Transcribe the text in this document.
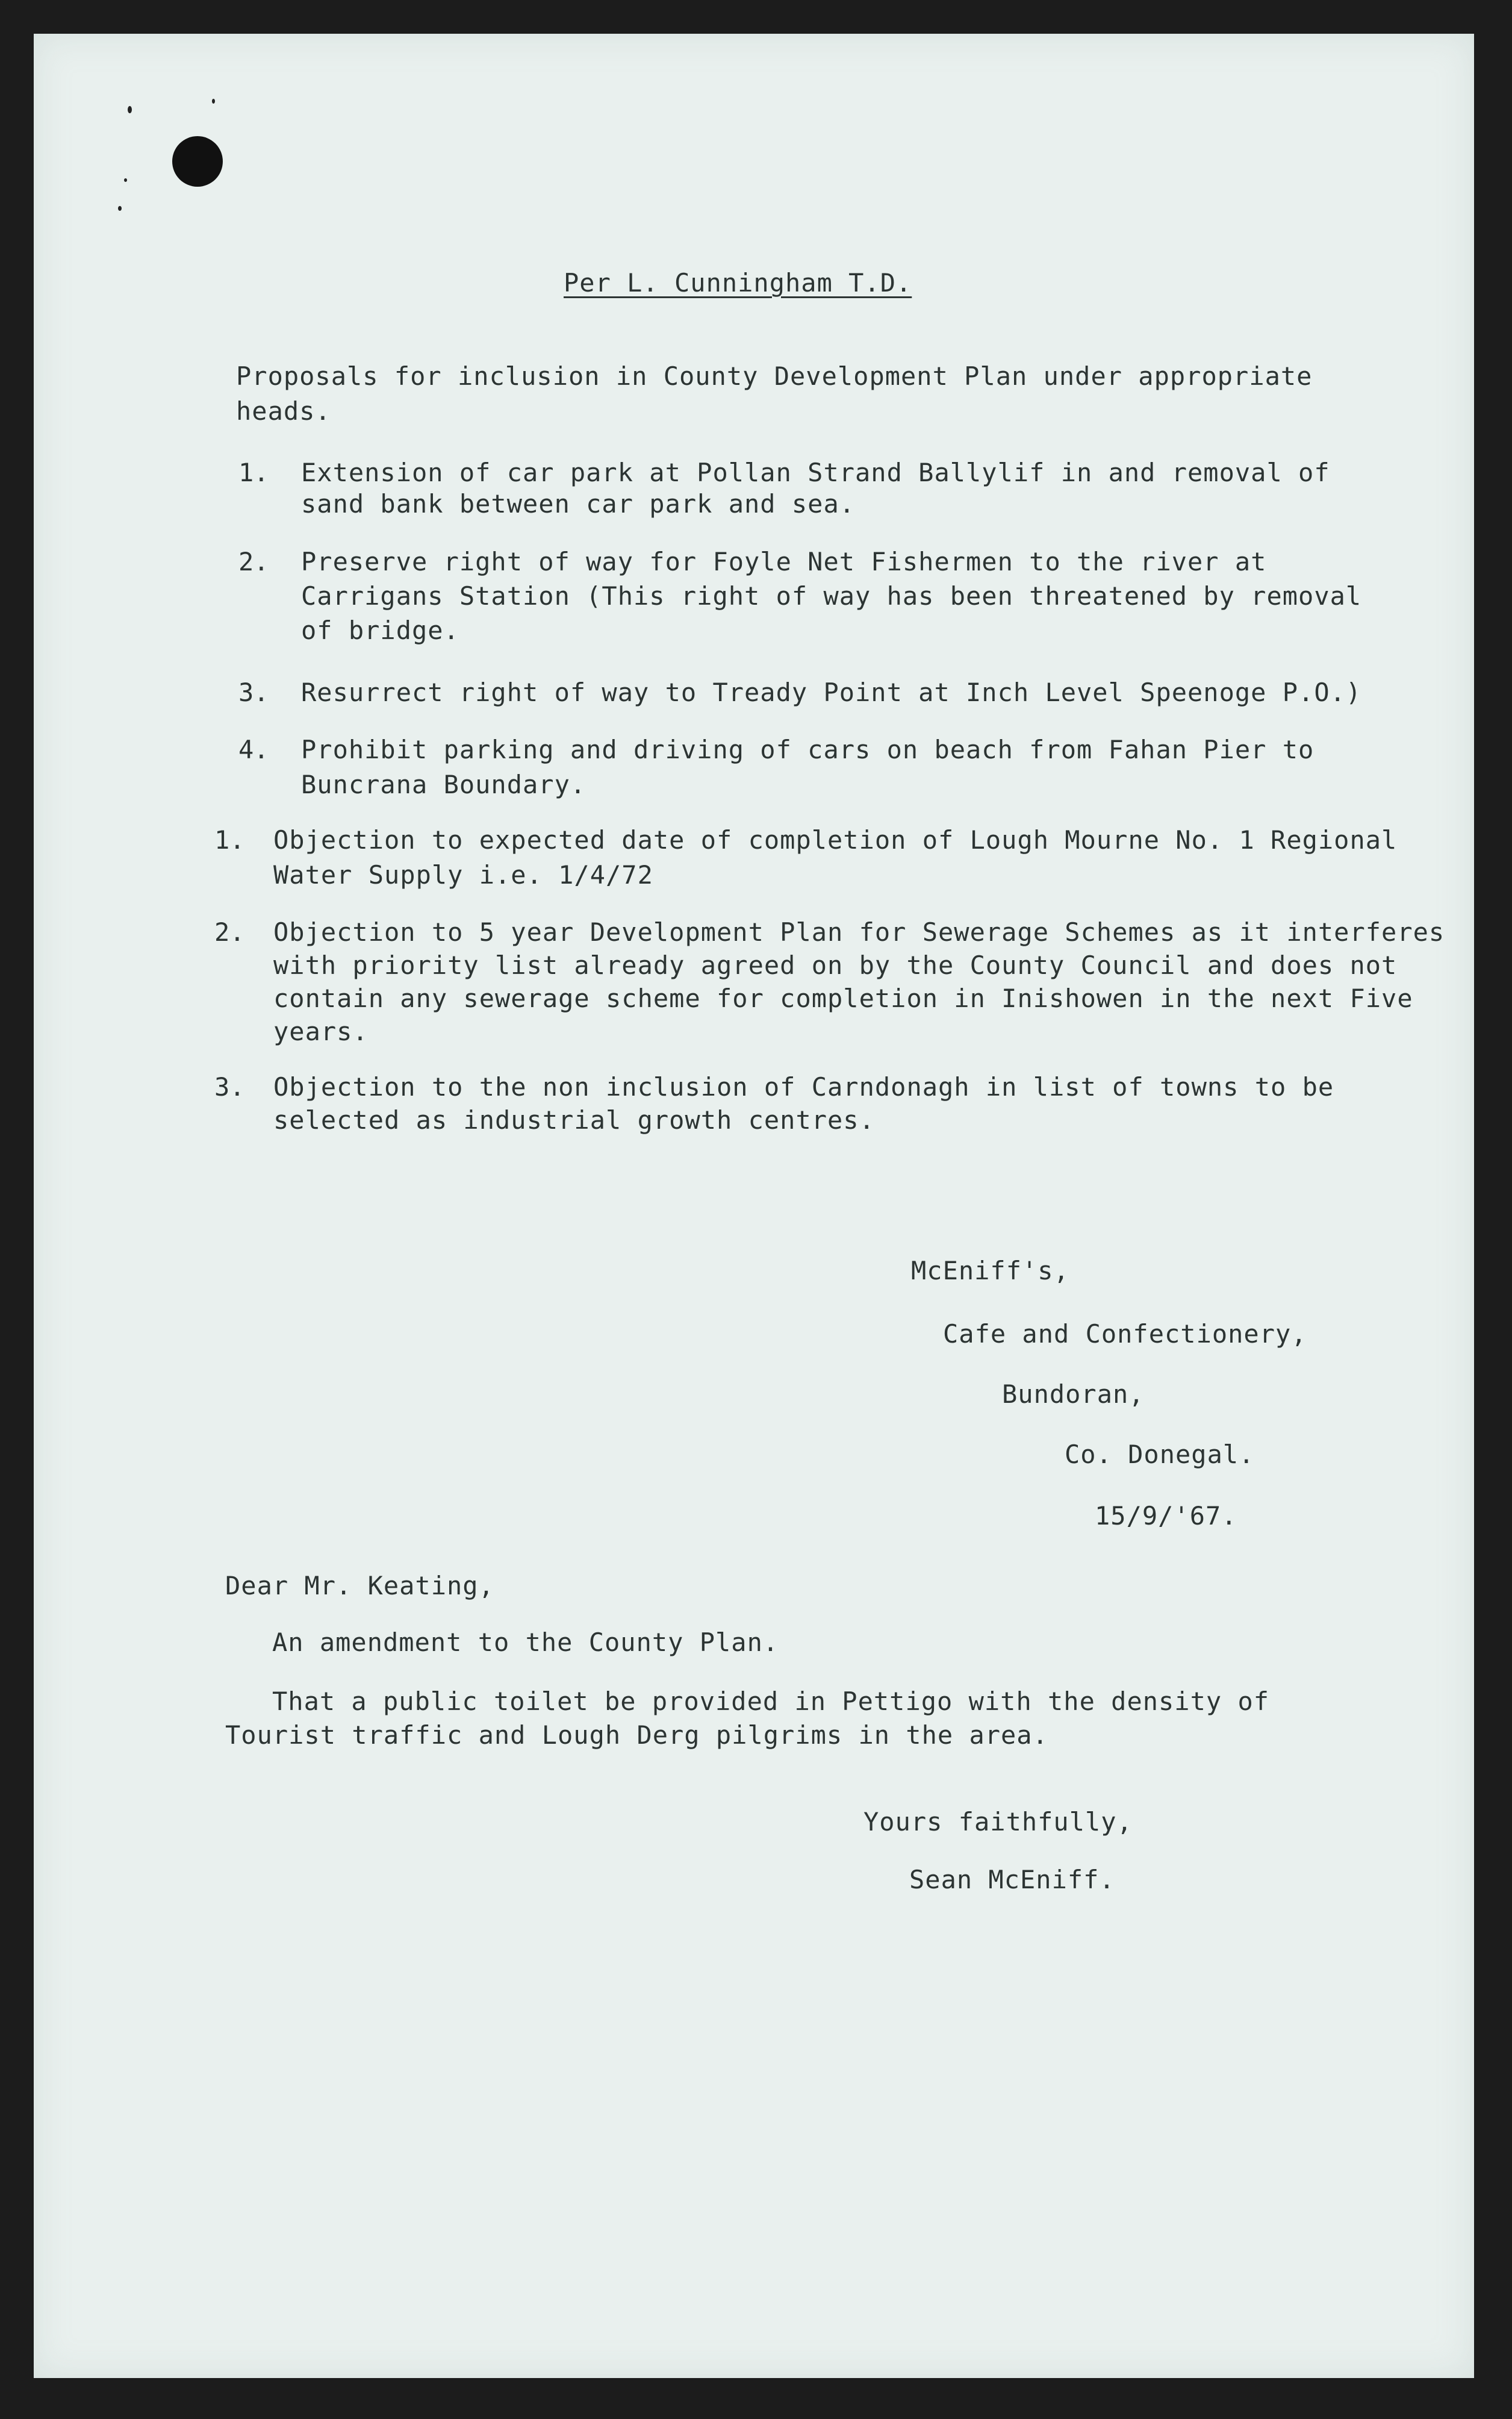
Per L. Cunningham T.D.
Proposals for inclusion in County Development Plan under appropriate
heads.
1. Extension of car park at Pollan Strand Ballylif in and removal of
sand bank between car park and sea.
2. Preserve right of way for Foyle Net Fishermen to the river at
Carrigans Station (This right of way has been threatened by removal
of bridge.
3. Resurrect right of way to Tready Point at Inch Level Speenoge P.O.)
4. Prohibit parking and driving of cars on beach from Fahan Pier to
Buncrana Boundary.
1. Objection to expected date of completion of Lough Mourne No. 1 Regional
Water Supply i.e. 1/4/72
2. Objection to 5 year Development Plan for Sewerage Schemes as it interferes
with priority list already agreed on by the County Council and does not
contain any sewerage scheme for completion in Inishowen in the next Five
years.
3. Objection to the non inclusion of Carndonagh in list of towns to be
selected as industrial growth centres.
McEniff's,
Cafe and Confectionery,
Bundoran,
Co. Donegal.
15/9/'67.
Dear Mr. Keating,
An amendment to the County Plan.
That a public toilet be provided in Pettigo with the density of
Tourist traffic and Lough Derg pilgrims in the area.
Yours faithfully,
Sean McEniff.
